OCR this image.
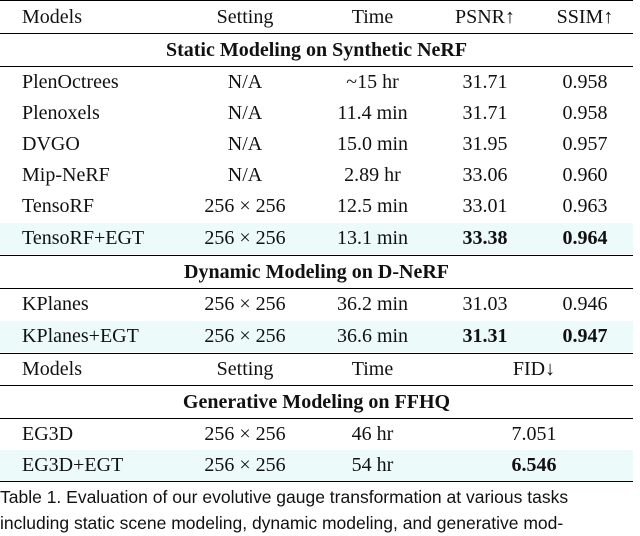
Models	Setting	Time	PSNR↑	SSIM↑
Static Modeling on Synthetic NeRF
PlenOctrees	N/A	~15 hr	31.71	0.958
Plenoxels	N/A	11.4 min	31.71	0.958
DVGO	N/A	15.0 min	31.95	0.957
Mip-NeRF	N/A	2.89 hr	33.06	0.960
TensoRF	256 × 256	12.5 min	33.01	0.963
TensoRF+EGT	256 × 256	13.1 min	33.38	0.964
Dynamic Modeling on D-NeRF
KPlanes	256 × 256	36.2 min	31.03	0.946
KPlanes+EGT	256 × 256	36.6 min	31.31	0.947
Models	Setting	Time	FID↓
Generative Modeling on FFHQ
EG3D	256 × 256	46 hr	7.051
EG3D+EGT	256 × 256	54 hr	6.546
Table 1. Evaluation of our evolutive gauge transformation at various tasks
including static scene modeling, dynamic modeling, and generative mod-
